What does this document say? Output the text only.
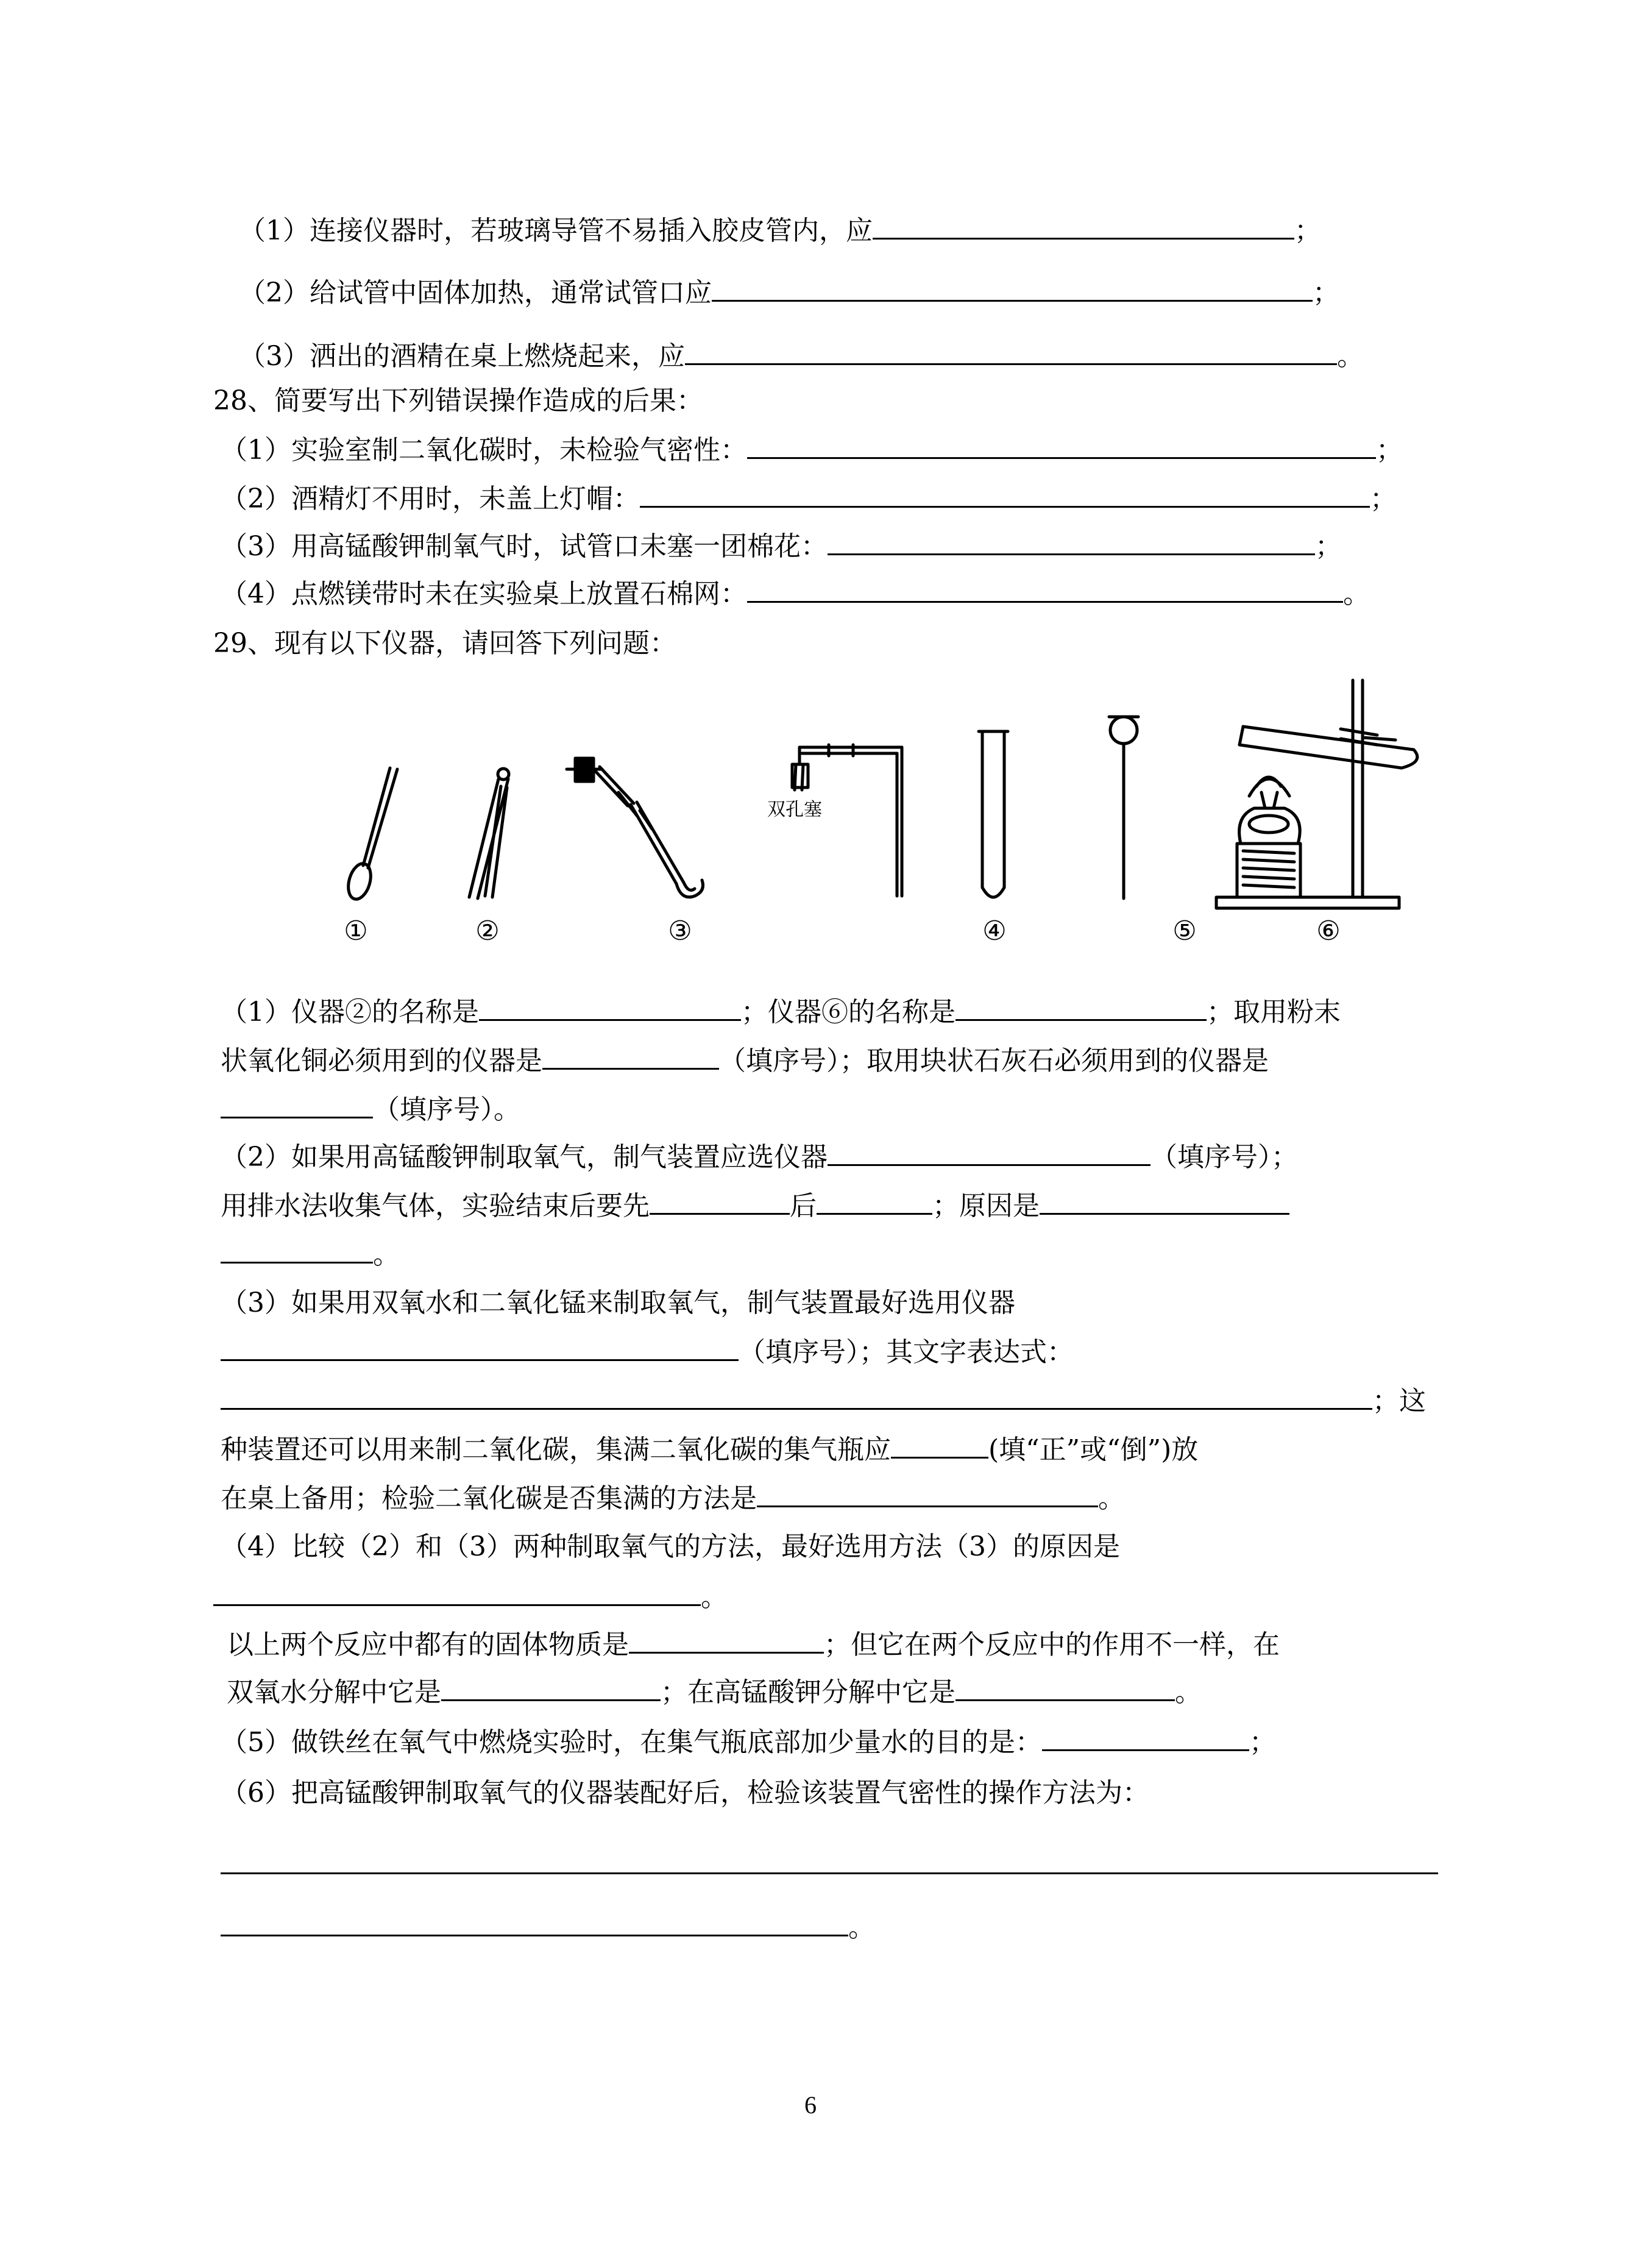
（1）连接仪器时，若玻璃导管不易插入胶皮管内，应	；
（2）给试管中固体加热，通常试管口应	；
（3）洒出的酒精在桌上燃烧起来，应	。
28、简要写出下列错误操作造成的后果：
（1）实验室制二氧化碳时，未检验气密性：	；
（2）酒精灯不用时，未盖上灯帽：	；
（3）用高锰酸钾制氧气时，试管口未塞一团棉花：	；
（4）点燃镁带时未在实验桌上放置石棉网：	。
29、现有以下仪器，请回答下列问题：
①	②	③	④	⑤	⑥
双孔塞
（1）仪器②的名称是	；仪器⑥的名称是	；取用粉末
状氧化铜必须用到的仪器是	（填序号）；取用块状石灰石必须用到的仪器是
（填序号）。
（2）如果用高锰酸钾制取氧气，制气装置应选仪器	（填序号）；
用排水法收集气体，实验结束后要先	后	；原因是
。
（3）如果用双氧水和二氧化锰来制取氧气，制气装置最好选用仪器
（填序号）；其文字表达式：
；这
种装置还可以用来制二氧化碳，集满二氧化碳的集气瓶应	(填“正”或“倒”)放
在桌上备用；检验二氧化碳是否集满的方法是	。
（4）比较（2）和（3）两种制取氧气的方法，最好选用方法（3）的原因是
。
以上两个反应中都有的固体物质是	；但它在两个反应中的作用不一样，在
双氧水分解中它是	；在高锰酸钾分解中它是	。
（5）做铁丝在氧气中燃烧实验时，在集气瓶底部加少量水的目的是：	；
（6）把高锰酸钾制取氧气的仪器装配好后，检验该装置气密性的操作方法为：
。
6
